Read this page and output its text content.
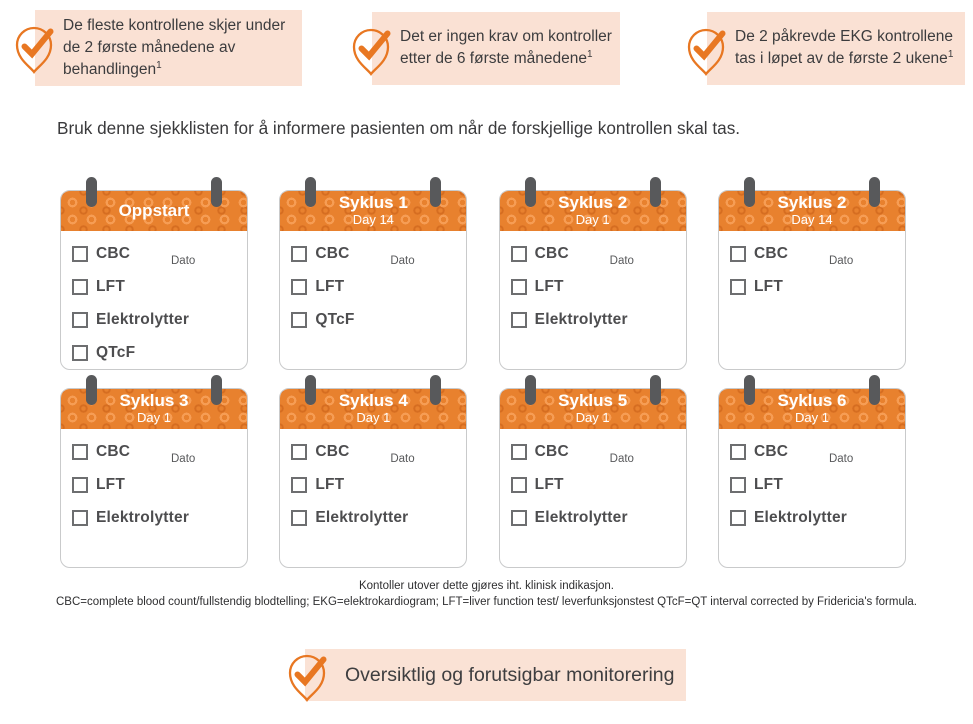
De fleste kontrollene skjer under de 2 første månedene av behandlingen$^1$
Det er ingen krav om kontroller etter de 6 første månedene$^1$
De 2 påkrevde EKG kontrollene tas i løpet av de første 2 ukene$^1$
Bruk denne sjekklisten for å informere pasienten om når de forskjellige kontrollen skal tas.
Oppstart
CBC	Dato
LFT
Elektrolytter
QTcF
Syklus 1
Day 14
CBC	Dato
LFT
QTcF
Syklus 2
Day 1
CBC	Dato
LFT
Elektrolytter
Syklus 2
Day 14
CBC	Dato
LFT
Syklus 3
Day 1
CBC	Dato
LFT
Elektrolytter
Syklus 4
Day 1
CBC	Dato
LFT
Elektrolytter
Syklus 5
Day 1
CBC	Dato
LFT
Elektrolytter
Syklus 6
Day 1
CBC	Dato
LFT
Elektrolytter
Kontoller utover dette gjøres iht. klinisk indikasjon.
CBC=complete blood count/fullstendig blodtelling; EKG=elektrokardiogram; LFT=liver function test/ leverfunksjonstest QTcF=QT interval corrected by Fridericia's formula.
Oversiktlig og forutsigbar monitorering
